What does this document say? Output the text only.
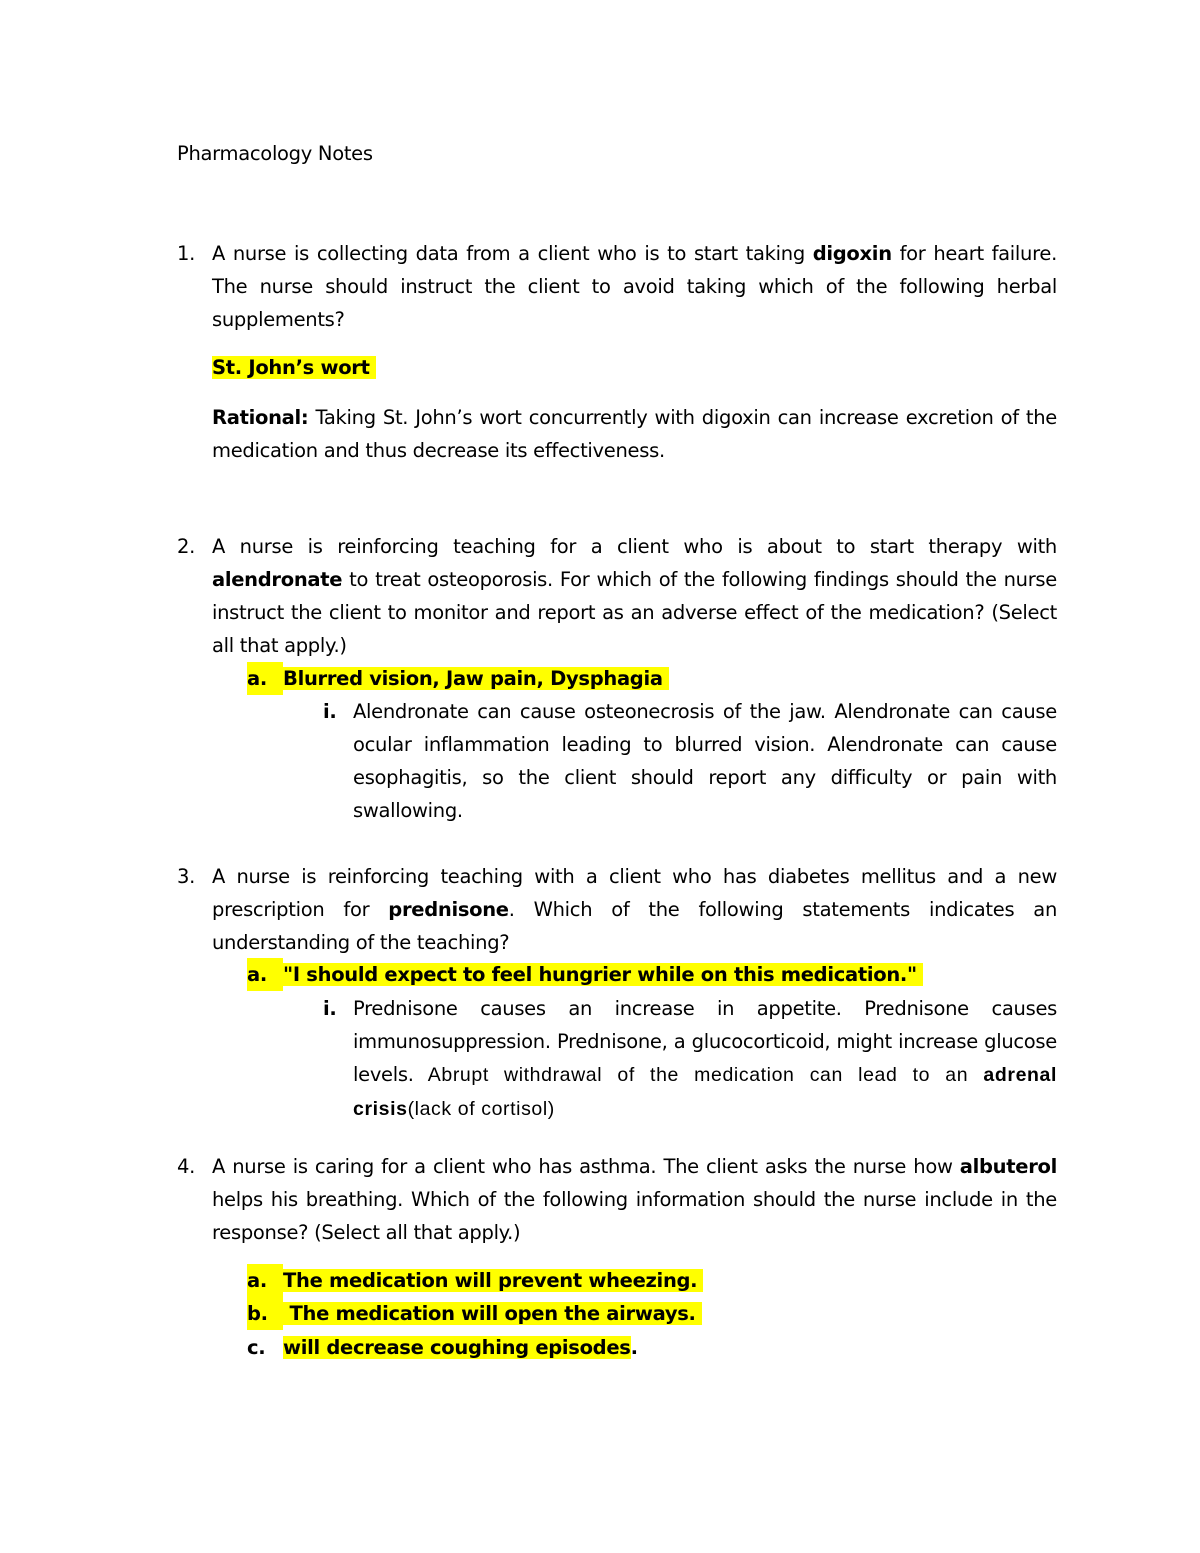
Pharmacology Notes
1. A nurse is collecting data from a client who is to start taking digoxin for heart failure. The nurse should instruct the client to avoid taking which of the following herbal supplements?
St. John’s wort
Rational: Taking St. John’s wort concurrently with digoxin can increase excretion of the medication and thus decrease its effectiveness.
2. A nurse is reinforcing teaching for a client who is about to start therapy with alendronate to treat osteoporosis. For which of the following findings should the nurse instruct the client to monitor and report as an adverse effect of the medication? (Select all that apply.)
a. Blurred vision, Jaw pain, Dysphagia
i. Alendronate can cause osteonecrosis of the jaw. Alendronate can cause ocular inflammation leading to blurred vision. Alendronate can cause esophagitis, so the client should report any difficulty or pain with swallowing.
3. A nurse is reinforcing teaching with a client who has diabetes mellitus and a new prescription for prednisone. Which of the following statements indicates an understanding of the teaching?
a. "I should expect to feel hungrier while on this medication."
i. Prednisone causes an increase in appetite. Prednisone causes immunosuppression. Prednisone, a glucocorticoid, might increase glucose levels. Abrupt withdrawal of the medication can lead to an adrenal crisis(lack of cortisol)
4. A nurse is caring for a client who has asthma. The client asks the nurse how albuterol helps his breathing. Which of the following information should the nurse include in the response? (Select all that apply.)
a. The medication will prevent wheezing.
b. The medication will open the airways.
c. will decrease coughing episodes.
